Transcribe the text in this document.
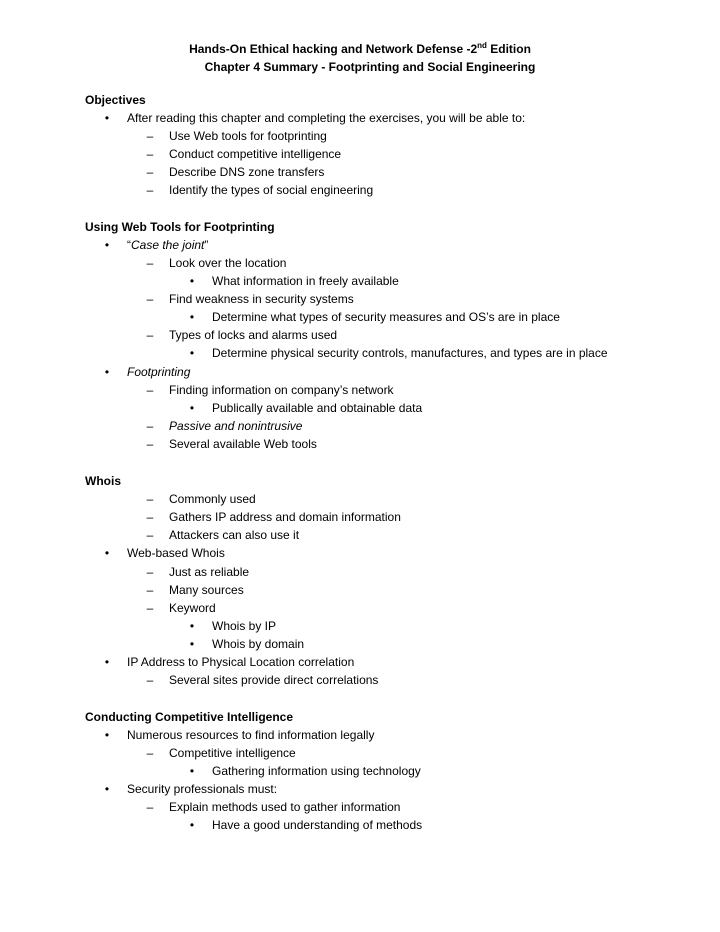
Hands-On Ethical hacking and Network Defense -2nd Edition
Chapter 4 Summary - Footprinting and Social Engineering
Objectives
•	After reading this chapter and completing the exercises, you will be able to:
–	Use Web tools for footprinting
–	Conduct competitive intelligence
–	Describe DNS zone transfers
–	Identify the types of social engineering
Using Web Tools for Footprinting
•	“Case the joint”
–	Look over the location
•	What information in freely available
–	Find weakness in security systems
•	Determine what types of security measures and OS’s are in place
–	Types of locks and alarms used
•	Determine physical security controls, manufactures, and types are in place
•	Footprinting
–	Finding information on company’s network
•	Publically available and obtainable data
–	Passive and nonintrusive
–	Several available Web tools
Whois
–	Commonly used
–	Gathers IP address and domain information
–	Attackers can also use it
•	Web-based Whois
–	Just as reliable
–	Many sources
–	Keyword
•	Whois by IP
•	Whois by domain
•	IP Address to Physical Location correlation
–	Several sites provide direct correlations
Conducting Competitive Intelligence
•	Numerous resources to find information legally
–	Competitive intelligence
•	Gathering information using technology
•	Security professionals must:
–	Explain methods used to gather information
•	Have a good understanding of methods
